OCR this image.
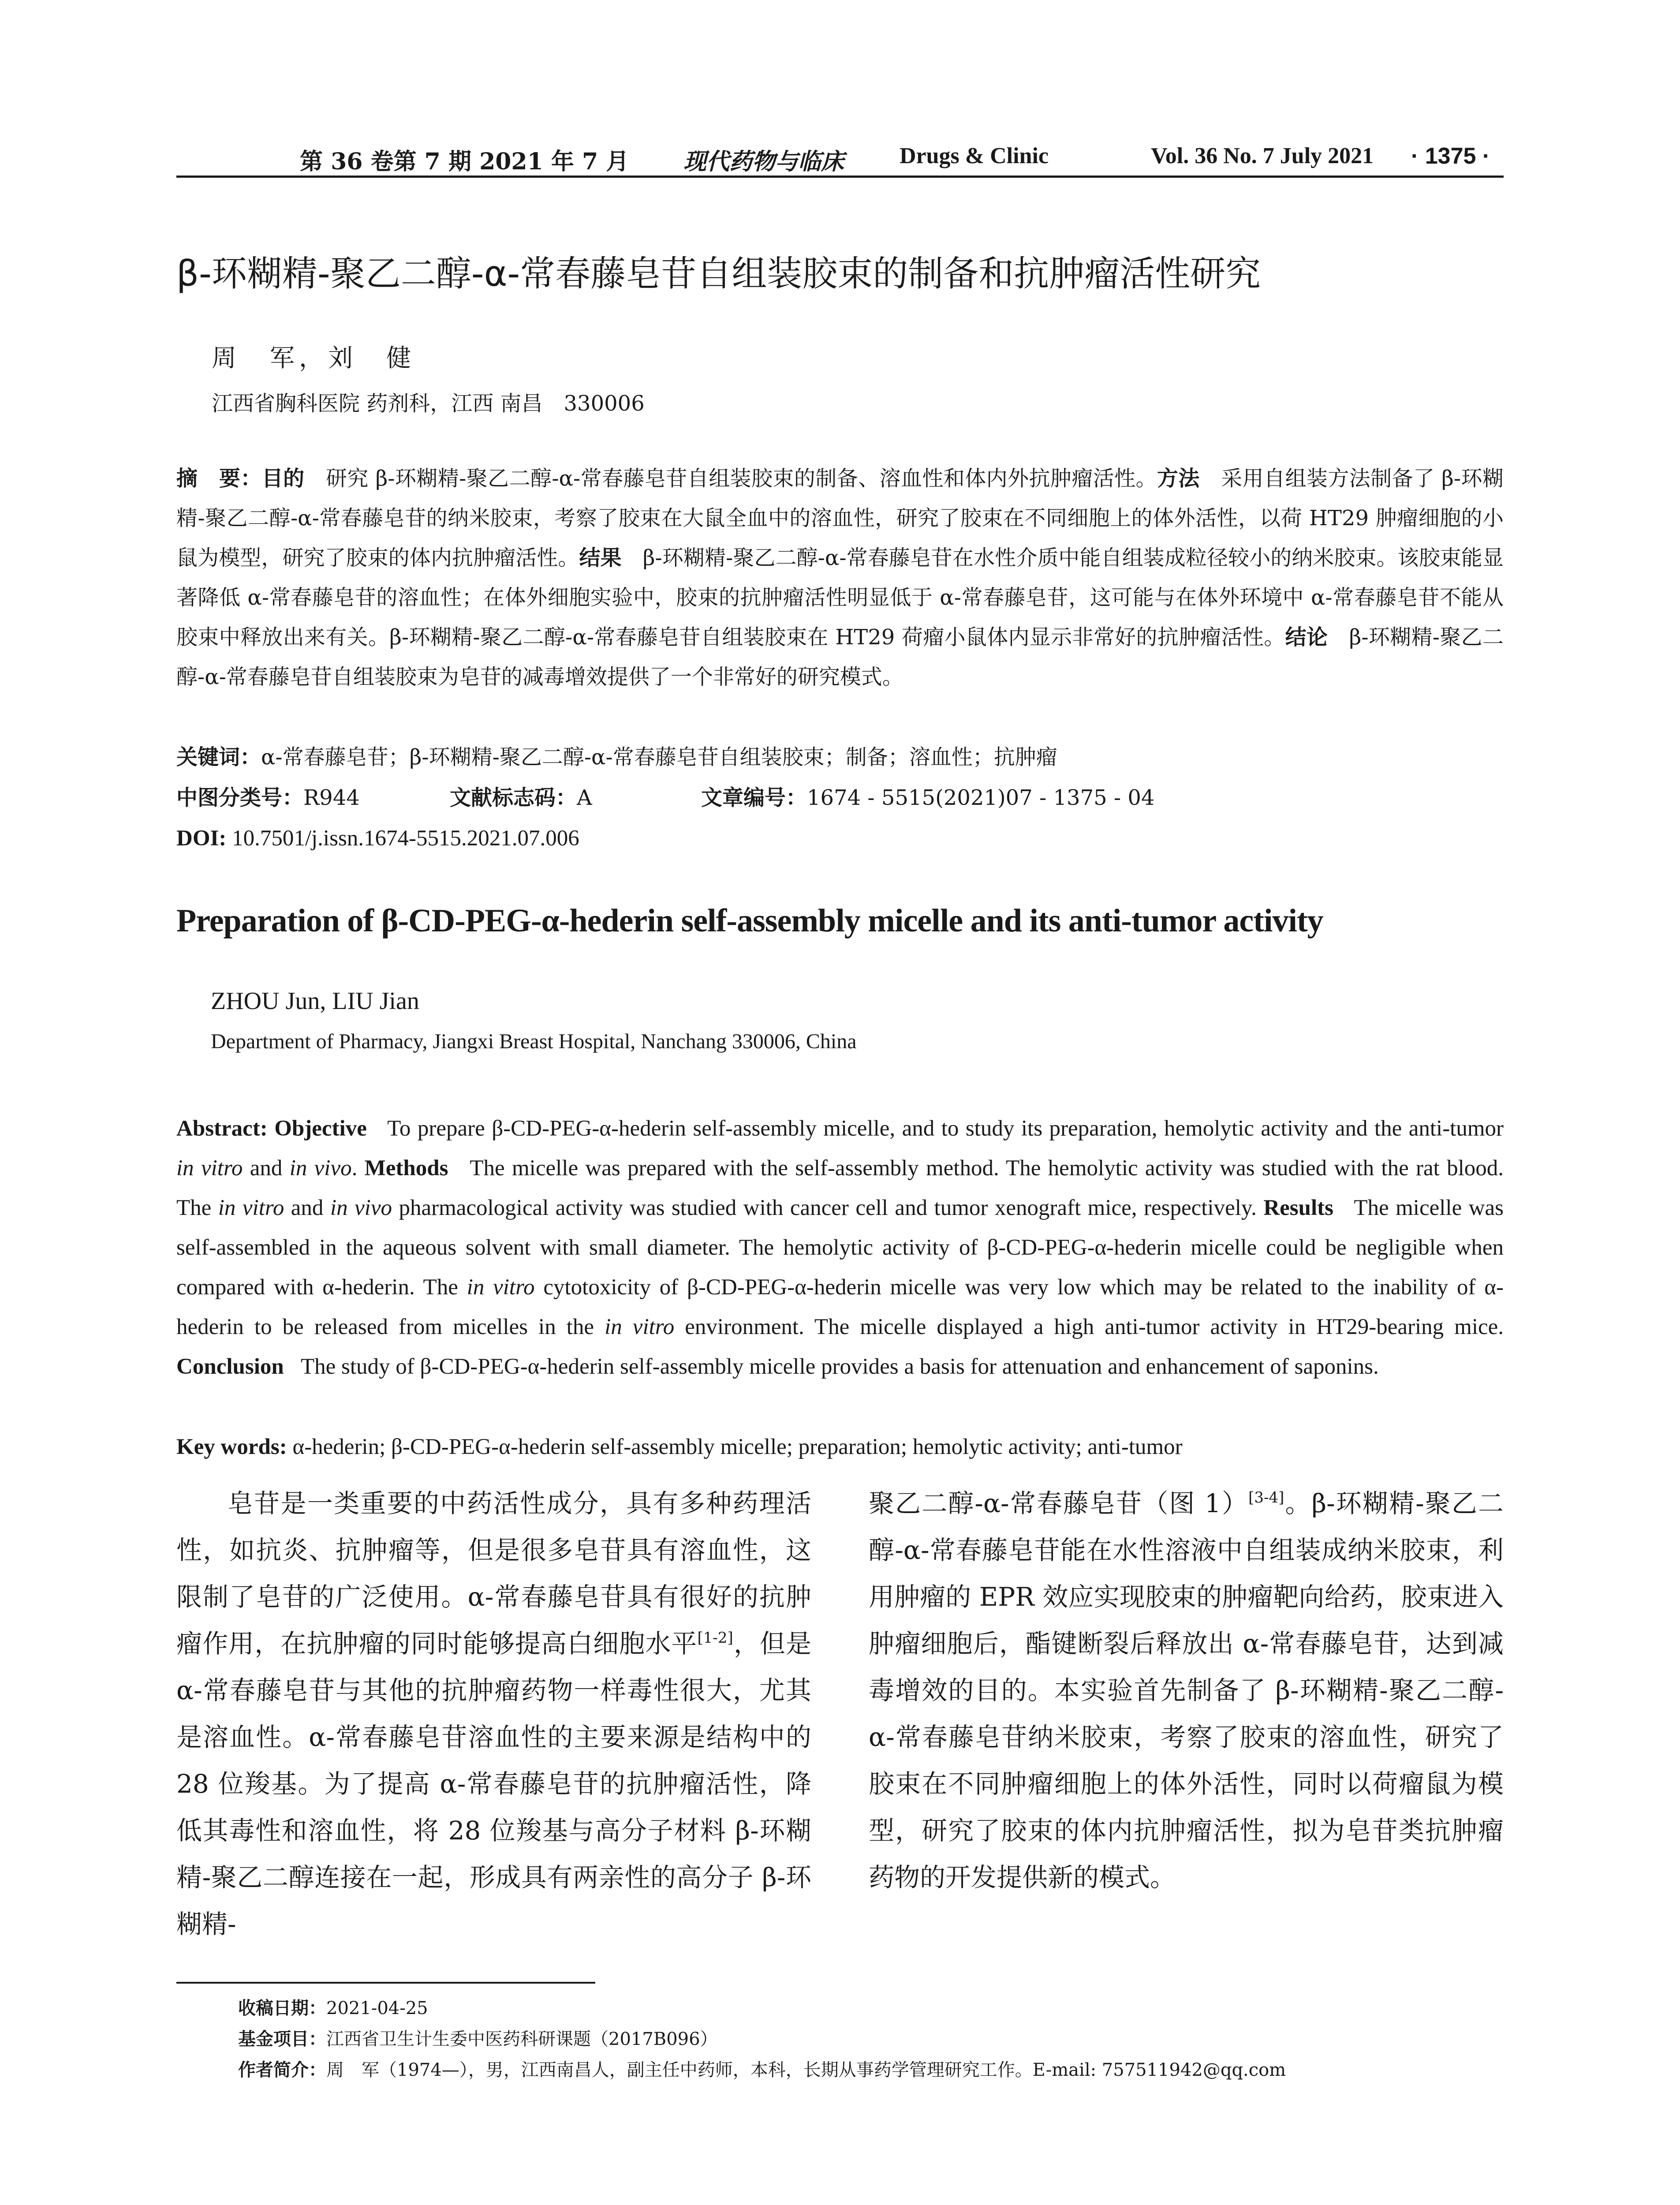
第 36 卷第 7 期 2021 年 7 月 现代药物与临床 Drugs & Clinic	Vol. 36 No. 7 July 2021 · 1375 ·
β-环糊精-聚乙二醇-α-常春藤皂苷自组装胶束的制备和抗肿瘤活性研究
周　军，刘　健
江西省胸科医院 药剂科，江西 南昌　330006
摘　要：目的　 研究 β-环糊精-聚乙二醇-α-常春藤皂苷自组装胶束的制备、溶血性和体内外抗肿瘤活性。方法　 采用自组装方法制备了 β-环糊精-聚乙二醇-α-常春藤皂苷的纳米胶束，考察了胶束在大鼠全血中的溶血性，研究了胶束在不同细胞上的体外活性，以荷 HT29 肿瘤细胞的小鼠为模型，研究了胶束的体内抗肿瘤活性。结果　 β-环糊精-聚乙二醇-α-常春藤皂苷在水性介质中能自组装成粒径较小的纳米胶束。该胶束能显著降低 α-常春藤皂苷的溶血性；在体外细胞实验中，胶束的抗肿瘤活性明显低于 α-常春藤皂苷，这可能与在体外环境中 α-常春藤皂苷不能从胶束中释放出来有关。β-环糊精-聚乙二醇-α-常春藤皂苷自组装胶束在 HT29 荷瘤小鼠体内显示非常好的抗肿瘤活性。结论　 β-环糊精-聚乙二醇-α-常春藤皂苷自组装胶束为皂苷的减毒增效提供了一个非常好的研究模式。
关键词：α-常春藤皂苷；β-环糊精-聚乙二醇-α-常春藤皂苷自组装胶束；制备；溶血性；抗肿瘤
中图分类号： R944	文献标志码： A	文章编号： 1674 - 5515(2021)07 - 1375 - 04
DOI: 10.7501/j.issn.1674-5515.2021.07.006
Preparation of β-CD-PEG-α-hederin self-assembly micelle and its anti-tumor activity
ZHOU Jun, LIU Jian
Department of Pharmacy, Jiangxi Breast Hospital, Nanchang 330006, China
Abstract: Objective To prepare β-CD-PEG-α-hederin self-assembly micelle, and to study its preparation, hemolytic activity and the anti-tumor in vitro and in vivo. Methods The micelle was prepared with the self-assembly method. The hemolytic activity was studied with the rat blood. The in vitro and in vivo pharmacological activity was studied with cancer cell and tumor xenograft mice, respectively. Results The micelle was self-assembled in the aqueous solvent with small diameter. The hemolytic activity of β-CD-PEG-α-hederin micelle could be negligible when compared with α-hederin. The in vitro cytotoxicity of β-CD-PEG-α-hederin micelle was very low which may be related to the inability of α-hederin to be released from micelles in the in vitro environment. The micelle displayed a high anti-tumor activity in HT29-bearing mice. Conclusion The study of β-CD-PEG-α-hederin self-assembly micelle provides a basis for attenuation and enhancement of saponins.
Key words: α-hederin; β-CD-PEG-α-hederin self-assembly micelle; preparation; hemolytic activity; anti-tumor
皂苷是一类重要的中药活性成分，具有多种药理活性，如抗炎、抗肿瘤等，但是很多皂苷具有溶血性，这限制了皂苷的广泛使用。α-常春藤皂苷具有很好的抗肿瘤作用，在抗肿瘤的同时能够提高白细胞水平[1-2]，但是 α-常春藤皂苷与其他的抗肿瘤药物一样毒性很大，尤其是溶血性。α-常春藤皂苷溶血性的主要来源是结构中的 28 位羧基。为了提高 α-常春藤皂苷的抗肿瘤活性，降低其毒性和溶血性，将 28 位羧基与高分子材料 β-环糊精-聚乙二醇连接在一起，形成具有两亲性的高分子 β-环糊精-
聚乙二醇-α-常春藤皂苷（图 1）[3-4]。β-环糊精-聚乙二醇-α-常春藤皂苷能在水性溶液中自组装成纳米胶束，利用肿瘤的 EPR 效应实现胶束的肿瘤靶向给药，胶束进入肿瘤细胞后，酯键断裂后释放出 α-常春藤皂苷，达到减毒增效的目的。本实验首先制备了 β-环糊精-聚乙二醇-α-常春藤皂苷纳米胶束，考察了胶束的溶血性，研究了胶束在不同肿瘤细胞上的体外活性，同时以荷瘤鼠为模型，研究了胶束的体内抗肿瘤活性，拟为皂苷类抗肿瘤药物的开发提供新的模式。
收稿日期：2021-04-25
基金项目：江西省卫生计生委中医药科研课题（2017B096）
作者简介：周　军（1974—），男，江西南昌人，副主任中药师，本科，长期从事药学管理研究工作。E-mail: 757511942@qq.com
